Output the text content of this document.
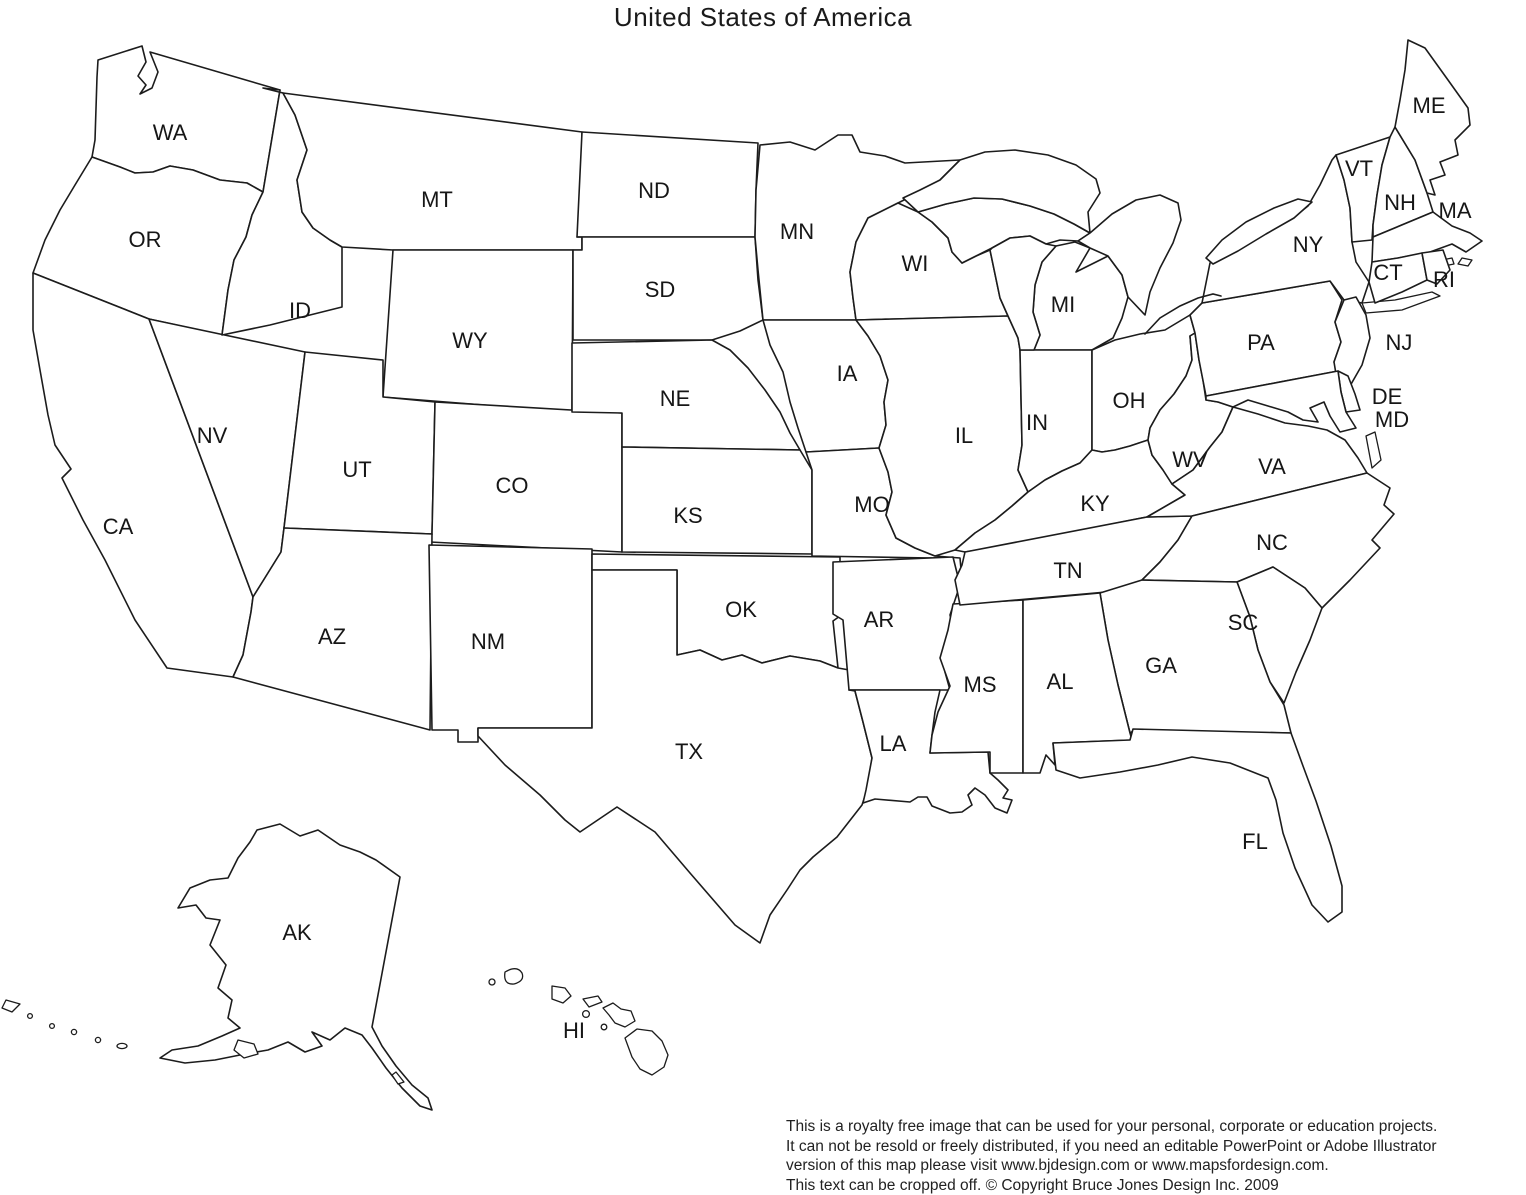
WA
OR
CA
NV
ID
MT
WY
UT
AZ	NM
CO
ND
SD
NE
KS
OK
TX
MN
IA
MO
AR
LA
WI
IL
MS
MI
IN
OH
KY
TN
AL
GA
FL
SC
NC
VA
WV
PA
NY
NJ
DE
MD
CT RI
VT
NH MA
ME
AK
HI
United States of America
This is a royalty free image that can be used for your personal, corporate or education projects.
It can not be resold or freely distributed, if you need an editable PowerPoint or Adobe Illustrator
version of this map please visit www.bjdesign.com or www.mapsfordesign.com.
This text can be cropped off. © Copyright Bruce Jones Design Inc. 2009
